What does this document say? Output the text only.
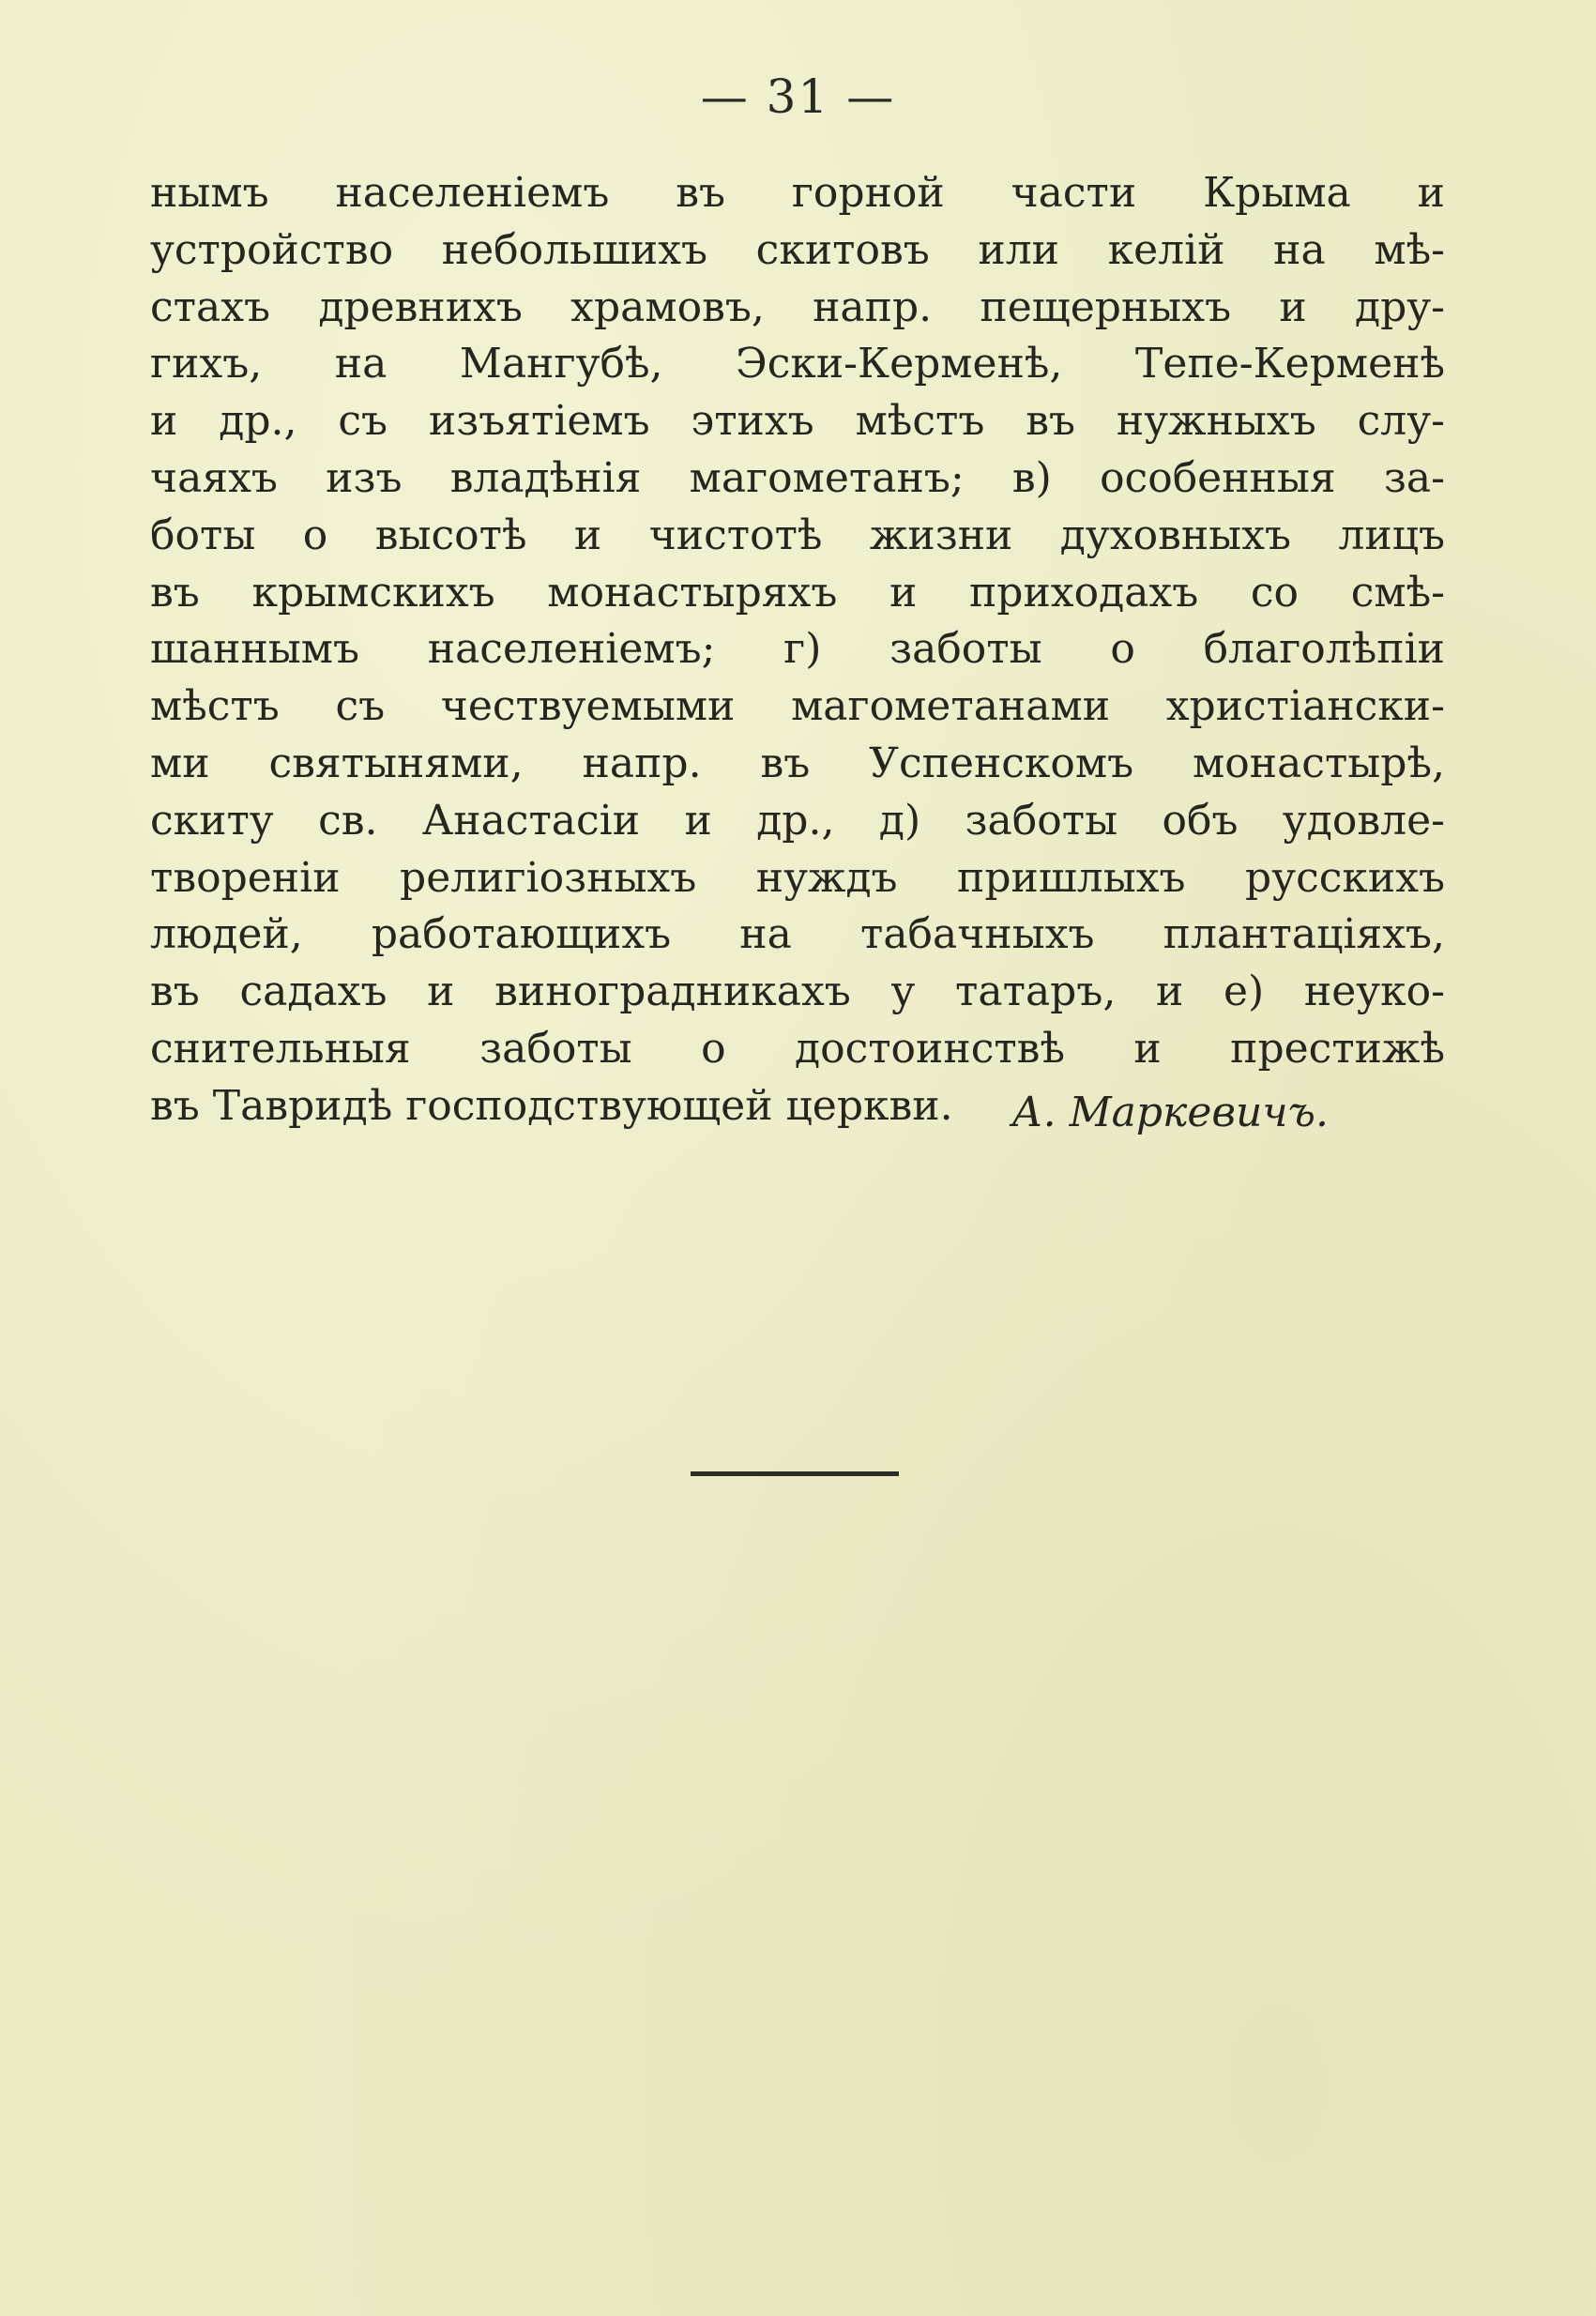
— 31 —
нымъ населеніемъ въ горной части Крыма и
устройство небольшихъ скитовъ или келій на мѣ-
стахъ древнихъ храмовъ, напр. пещерныхъ и дру-
гихъ, на Мангубѣ, Эски-Керменѣ, Тепе-Керменѣ
и др., съ изъятіемъ этихъ мѣстъ въ нужныхъ слу-
чаяхъ изъ владѣнія магометанъ; в) особенныя за-
боты о высотѣ и чистотѣ жизни духовныхъ лицъ
въ крымскихъ монастыряхъ и приходахъ со смѣ-
шаннымъ населеніемъ; г) заботы о благолѣпіи
мѣстъ съ чествуемыми магометанами христіански-
ми святынями, напр. въ Успенскомъ монастырѣ,
скиту св. Анастасіи и др., д) заботы объ удовле-
твореніи религіозныхъ нуждъ пришлыхъ русскихъ
людей, работающихъ на табачныхъ плантаціяхъ,
въ садахъ и виноградникахъ у татаръ, и е) неуко-
снительныя заботы о достоинствѣ и престижѣ
въ Тавридѣ господствующей церкви.	А. Маркевичъ.
